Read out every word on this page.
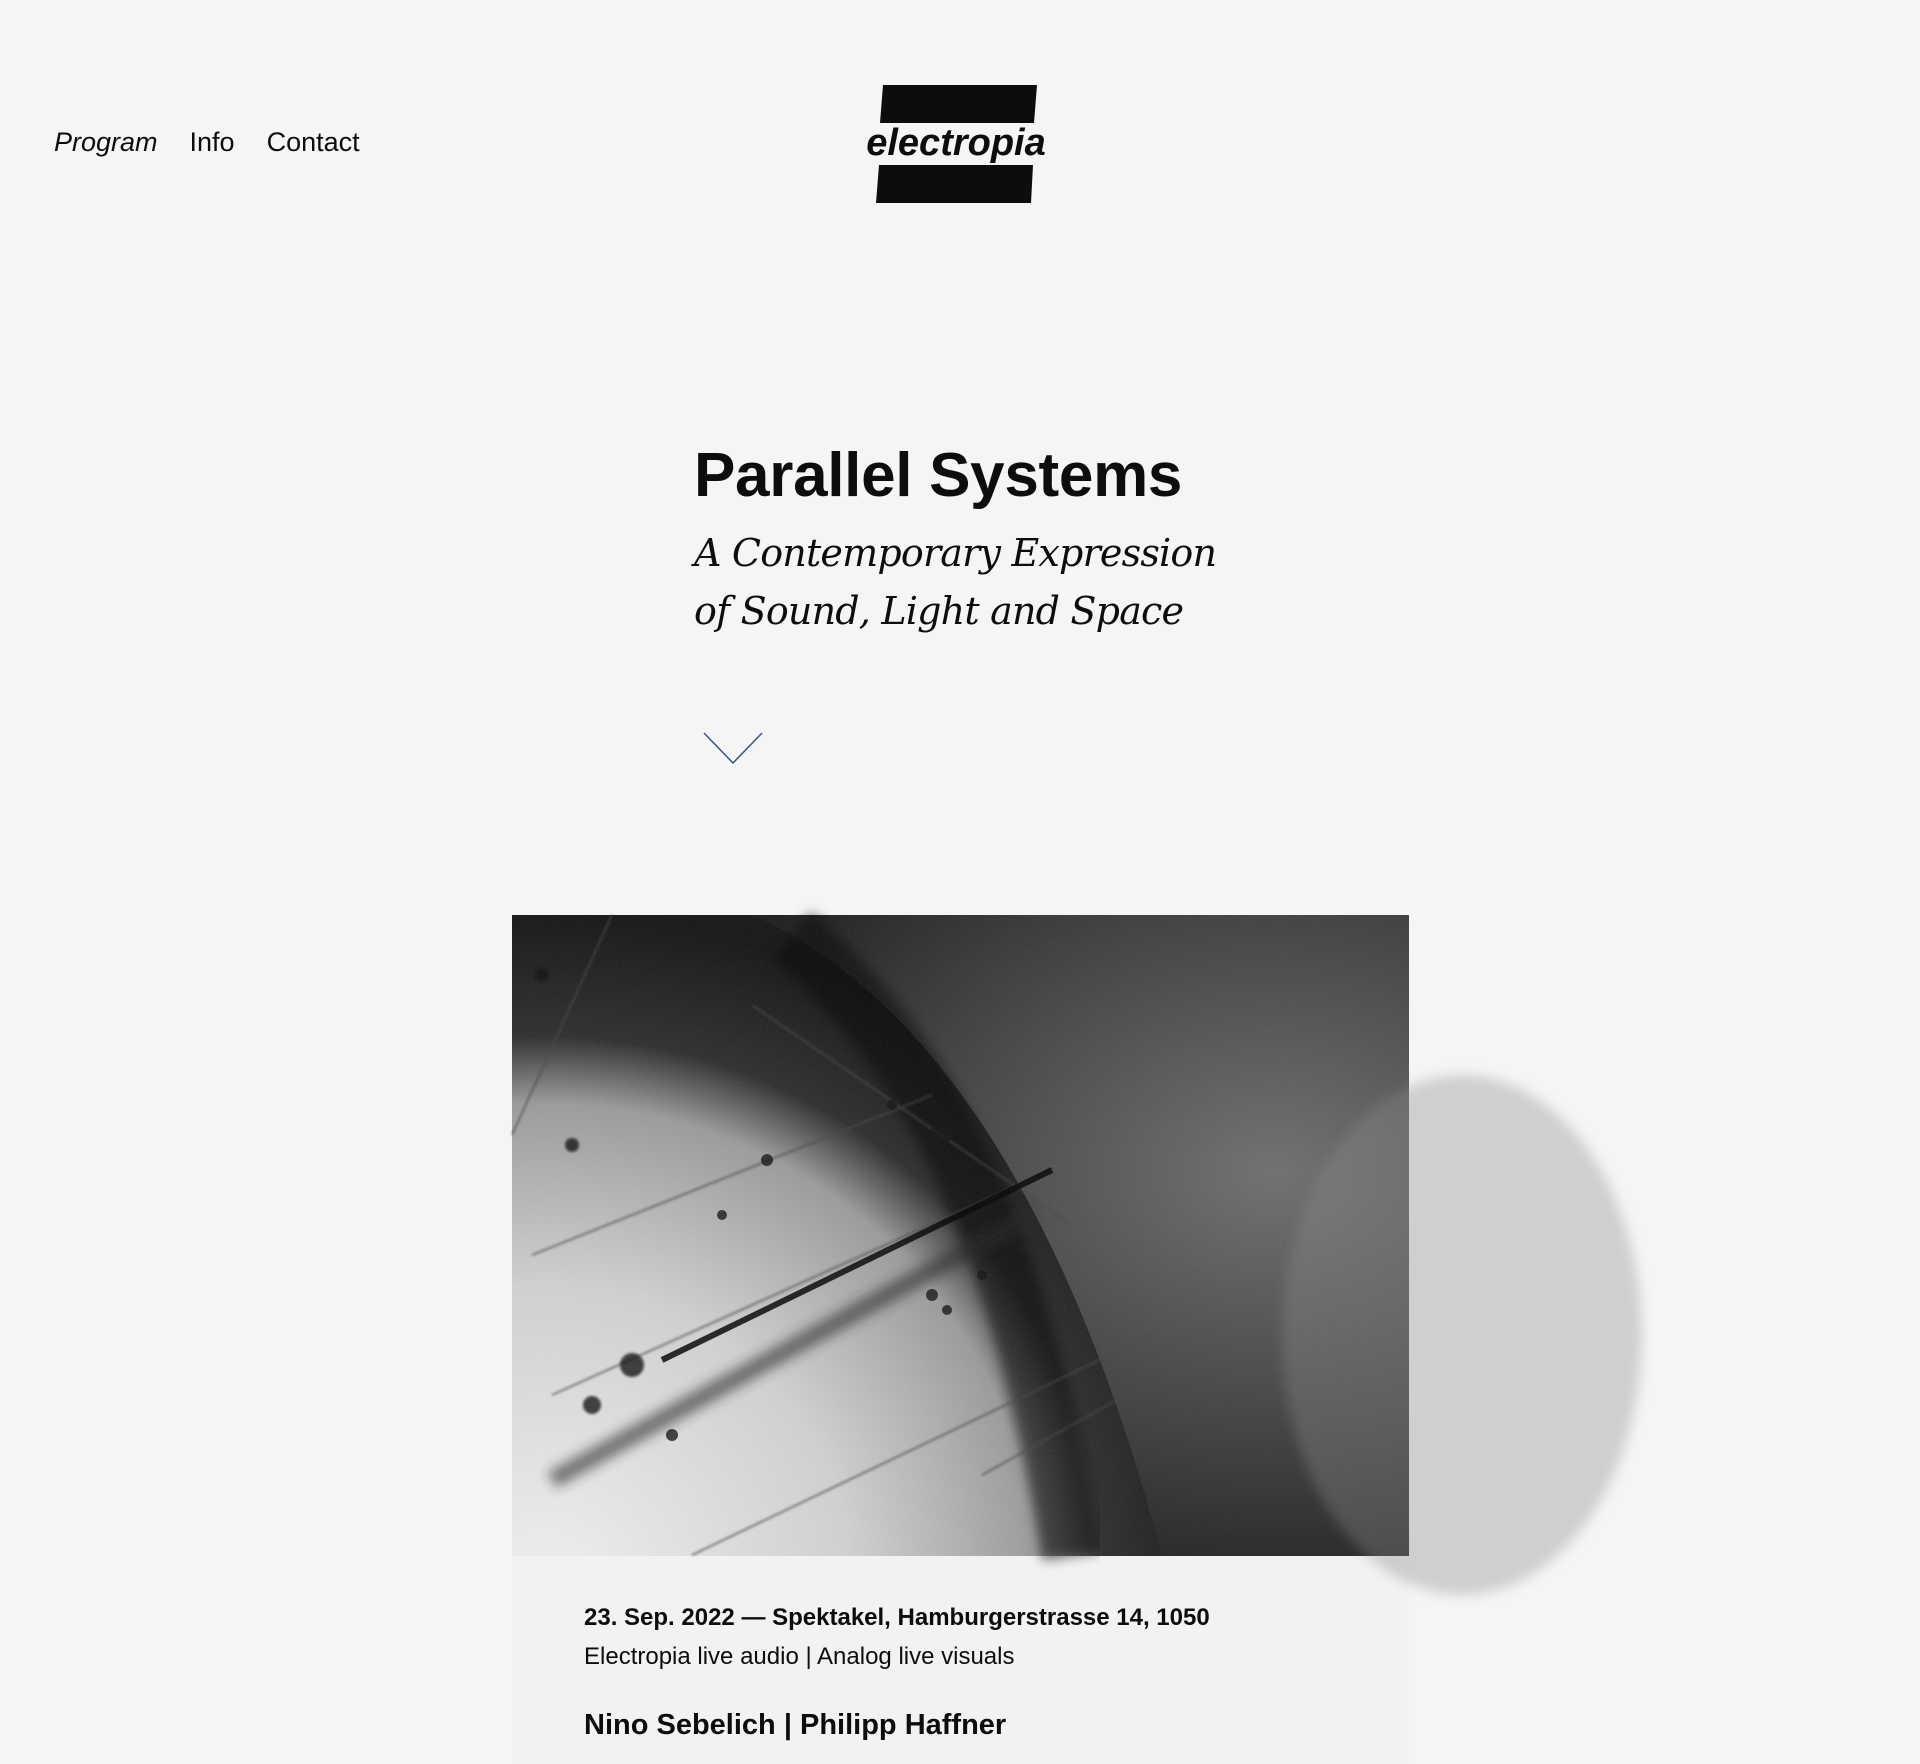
Program Info Contact	electropia
Parallel Systems

A Contemporary Expression of Sound, Light and Space

23. Sep. 2022 — Spektakel, Hamburgerstrasse 14, 1050

Electropia live audio | Analog live visuals

Nino Sebelich | Philipp Haffner
